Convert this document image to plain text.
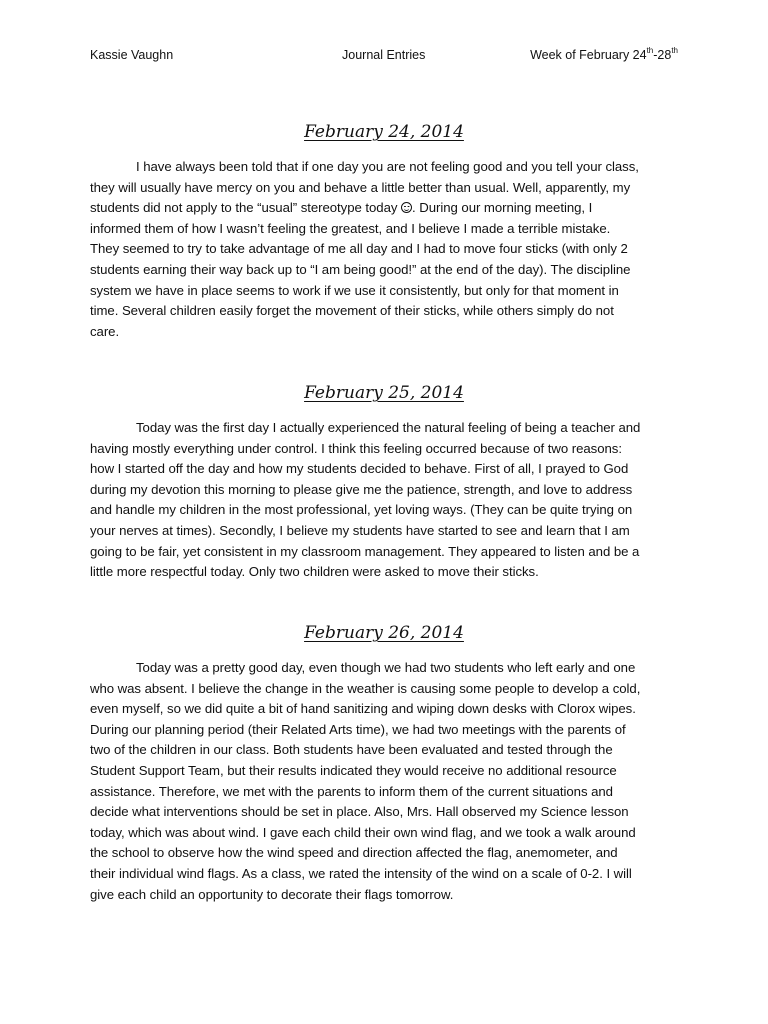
Kassie Vaughn	Journal Entries	Week of February 24th-28th
February 24, 2014
I have always been told that if one day you are not feeling good and you tell your class,
they will usually have mercy on you and behave a little better than usual. Well, apparently, my
students did not apply to the “usual” stereotype today . During our morning meeting, I
informed them of how I wasn’t feeling the greatest, and I believe I made a terrible mistake.
They seemed to try to take advantage of me all day and I had to move four sticks (with only 2
students earning their way back up to “I am being good!” at the end of the day). The discipline
system we have in place seems to work if we use it consistently, but only for that moment in
time. Several children easily forget the movement of their sticks, while others simply do not
care.
February 25, 2014
Today was the first day I actually experienced the natural feeling of being a teacher and
having mostly everything under control. I think this feeling occurred because of two reasons:
how I started off the day and how my students decided to behave. First of all, I prayed to God
during my devotion this morning to please give me the patience, strength, and love to address
and handle my children in the most professional, yet loving ways. (They can be quite trying on
your nerves at times). Secondly, I believe my students have started to see and learn that I am
going to be fair, yet consistent in my classroom management. They appeared to listen and be a
little more respectful today. Only two children were asked to move their sticks.
February 26, 2014
Today was a pretty good day, even though we had two students who left early and one
who was absent. I believe the change in the weather is causing some people to develop a cold,
even myself, so we did quite a bit of hand sanitizing and wiping down desks with Clorox wipes.
During our planning period (their Related Arts time), we had two meetings with the parents of
two of the children in our class. Both students have been evaluated and tested through the
Student Support Team, but their results indicated they would receive no additional resource
assistance. Therefore, we met with the parents to inform them of the current situations and
decide what interventions should be set in place. Also, Mrs. Hall observed my Science lesson
today, which was about wind. I gave each child their own wind flag, and we took a walk around
the school to observe how the wind speed and direction affected the flag, anemometer, and
their individual wind flags. As a class, we rated the intensity of the wind on a scale of 0-2. I will
give each child an opportunity to decorate their flags tomorrow.
